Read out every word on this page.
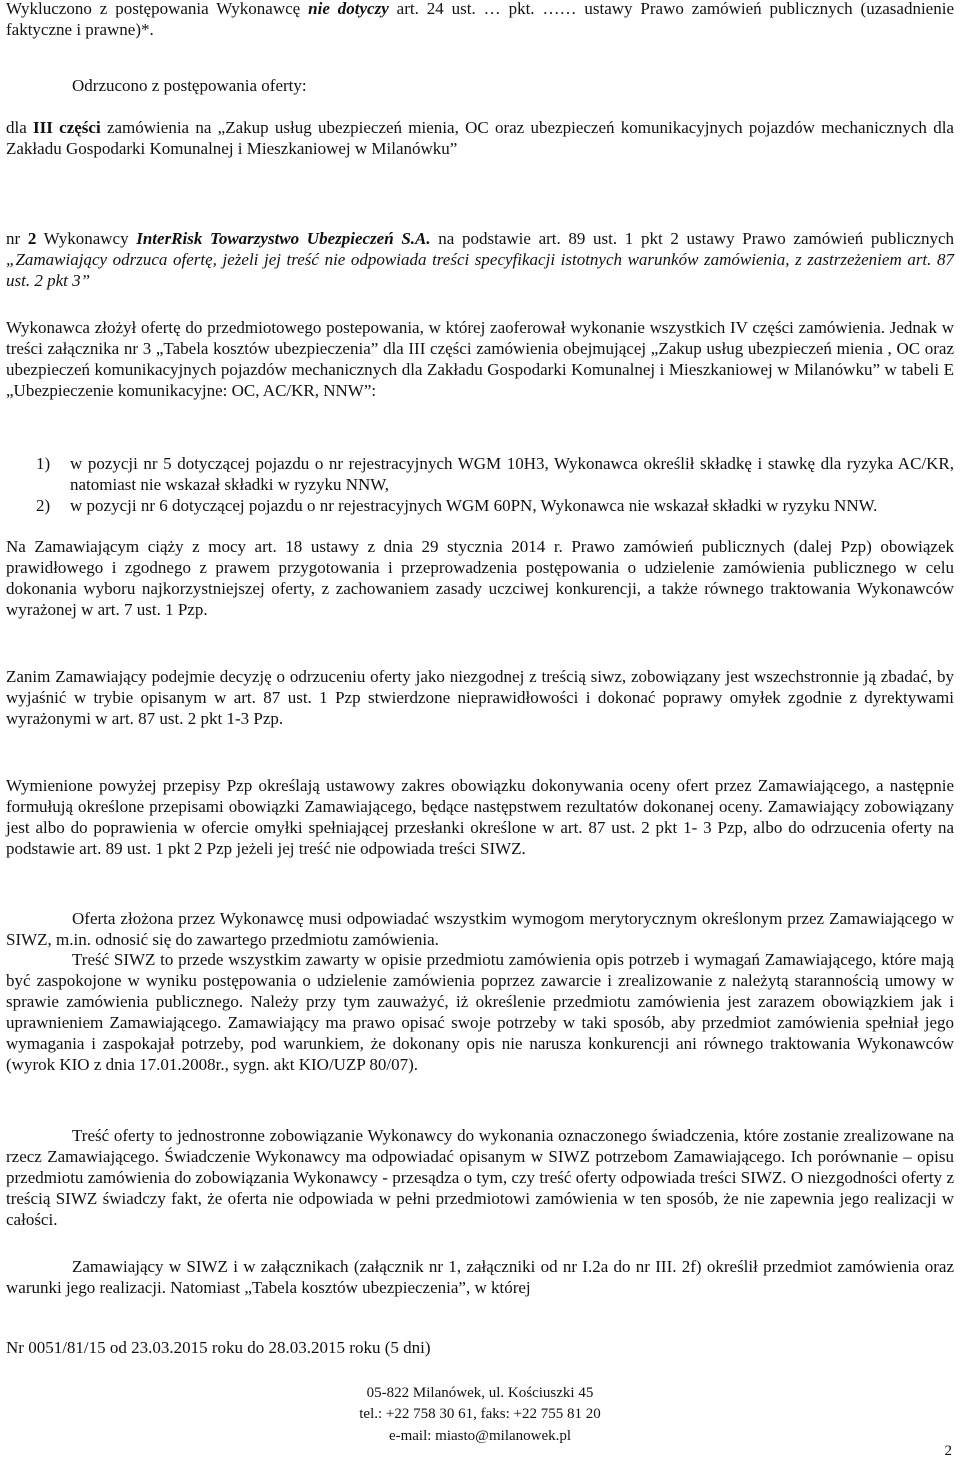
Wykluczono z postępowania Wykonawcę nie dotyczy art. 24 ust. … pkt. …… ustawy Prawo zamówień publicznych (uzasadnienie faktyczne i prawne)*.

Odrzucono z postępowania oferty:

dla III części zamówienia na „Zakup usług ubezpieczeń mienia, OC oraz ubezpieczeń komunikacyjnych pojazdów mechanicznych dla Zakładu Gospodarki Komunalnej i Mieszkaniowej w Milanówku”

nr 2 Wykonawcy InterRisk Towarzystwo Ubezpieczeń S.A. na podstawie art. 89 ust. 1 pkt 2 ustawy Prawo zamówień publicznych „Zamawiający odrzuca ofertę, jeżeli jej treść nie odpowiada treści specyfikacji istotnych warunków zamówienia, z zastrzeżeniem art. 87 ust. 2 pkt 3”

Wykonawca złożył ofertę do przedmiotowego postepowania, w której zaoferował wykonanie wszystkich IV części zamówienia. Jednak w treści załącznika nr 3 „Tabela kosztów ubezpieczenia” dla III części zamówienia obejmującej „Zakup usług ubezpieczeń mienia , OC oraz ubezpieczeń komunikacyjnych pojazdów mechanicznych dla Zakładu Gospodarki Komunalnej i Mieszkaniowej w Milanówku” w tabeli E „Ubezpieczenie komunikacyjne: OC, AC/KR, NNW”:

1) w pozycji nr 5 dotyczącej pojazdu o nr rejestracyjnych WGM 10H3, Wykonawca określił składkę i stawkę dla ryzyka AC/KR, natomiast nie wskazał składki w ryzyku NNW,
2) w pozycji nr 6 dotyczącej pojazdu o nr rejestracyjnych WGM 60PN, Wykonawca nie wskazał składki w ryzyku NNW.

Na Zamawiającym ciąży z mocy art. 18 ustawy z dnia 29 stycznia 2014 r. Prawo zamówień publicznych (dalej Pzp) obowiązek prawidłowego i zgodnego z prawem przygotowania i przeprowadzenia postępowania o udzielenie zamówienia publicznego w celu dokonania wyboru najkorzystniejszej oferty, z zachowaniem zasady uczciwej konkurencji, a także równego traktowania Wykonawców wyrażonej w art. 7 ust. 1 Pzp.

Zanim Zamawiający podejmie decyzję o odrzuceniu oferty jako niezgodnej z treścią siwz, zobowiązany jest wszechstronnie ją zbadać, by wyjaśnić w trybie opisanym w art. 87 ust. 1 Pzp stwierdzone nieprawidłowości i dokonać poprawy omyłek zgodnie z dyrektywami wyrażonymi w art. 87 ust. 2 pkt 1-3 Pzp.

Wymienione powyżej przepisy Pzp określają ustawowy zakres obowiązku dokonywania oceny ofert przez Zamawiającego, a następnie formułują określone przepisami obowiązki Zamawiającego, będące następstwem rezultatów dokonanej oceny. Zamawiający zobowiązany jest albo do poprawienia w ofercie omyłki spełniającej przesłanki określone w art. 87 ust. 2 pkt 1- 3 Pzp, albo do odrzucenia oferty na podstawie art. 89 ust. 1 pkt 2 Pzp jeżeli jej treść nie odpowiada treści SIWZ.

Oferta złożona przez Wykonawcę musi odpowiadać wszystkim wymogom merytorycznym określonym przez Zamawiającego w SIWZ, m.in. odnosić się do zawartego przedmiotu zamówienia.

Treść SIWZ to przede wszystkim zawarty w opisie przedmiotu zamówienia opis potrzeb i wymagań Zamawiającego, które mają być zaspokojone w wyniku postępowania o udzielenie zamówienia poprzez zawarcie i zrealizowanie z należytą starannością umowy w sprawie zamówienia publicznego. Należy przy tym zauważyć, iż określenie przedmiotu zamówienia jest zarazem obowiązkiem jak i uprawnieniem Zamawiającego. Zamawiający ma prawo opisać swoje potrzeby w taki sposób, aby przedmiot zamówienia spełniał jego wymagania i zaspokajał potrzeby, pod warunkiem, że dokonany opis nie narusza konkurencji ani równego traktowania Wykonawców (wyrok KIO z dnia 17.01.2008r., sygn. akt KIO/UZP 80/07).

Treść oferty to jednostronne zobowiązanie Wykonawcy do wykonania oznaczonego świadczenia, które zostanie zrealizowane na rzecz Zamawiającego. Świadczenie Wykonawcy ma odpowiadać opisanym w SIWZ potrzebom Zamawiającego. Ich porównanie – opisu przedmiotu zamówienia do zobowiązania Wykonawcy - przesądza o tym, czy treść oferty odpowiada treści SIWZ. O niezgodności oferty z treścią SIWZ świadczy fakt, że oferta nie odpowiada w pełni przedmiotowi zamówienia w ten sposób, że nie zapewnia jego realizacji w całości.

Zamawiający w SIWZ i w załącznikach (załącznik nr 1, załączniki od nr I.2a do nr III. 2f) określił przedmiot zamówienia oraz warunki jego realizacji. Natomiast „Tabela kosztów ubezpieczenia”, w której

Nr 0051/81/15 od 23.03.2015 roku do 28.03.2015 roku (5 dni)

05-822 Milanówek, ul. Kościuszki 45

tel.: +22 758 30 61, faks: +22 755 81 20

e-mail: miasto@milanowek.pl

2
